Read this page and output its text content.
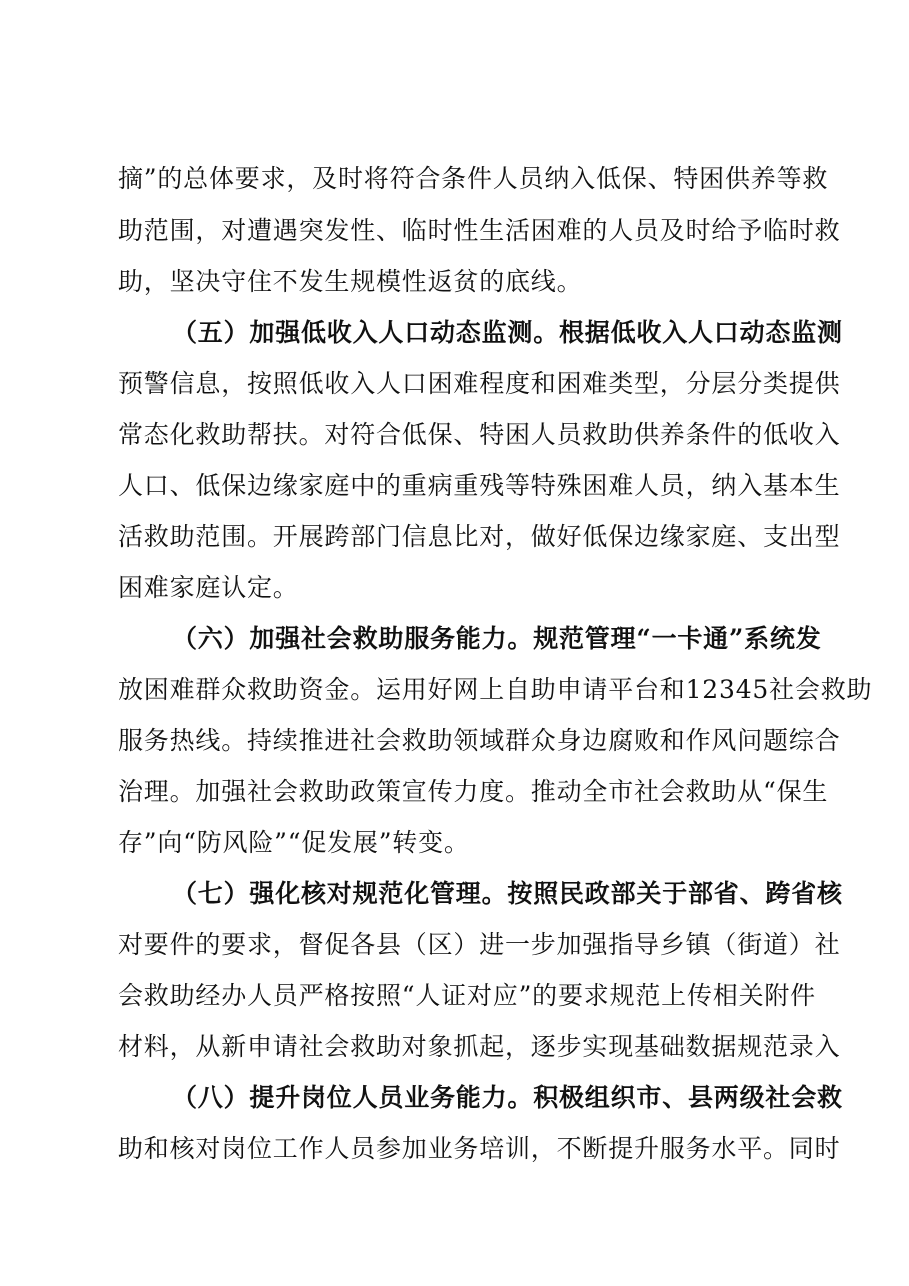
摘”的总体要求，及时将符合条件人员纳入低保、特困供养等救
助范围，对遭遇突发性、临时性生活困难的人员及时给予临时救
助，坚决守住不发生规模性返贫的底线。
（五）加强低收入人口动态监测。根据低收入人口动态监测
预警信息，按照低收入人口困难程度和困难类型，分层分类提供
常态化救助帮扶。对符合低保、特困人员救助供养条件的低收入
人口、低保边缘家庭中的重病重残等特殊困难人员，纳入基本生
活救助范围。开展跨部门信息比对，做好低保边缘家庭、支出型
困难家庭认定。
（六）加强社会救助服务能力。规范管理“一卡通”系统发
放困难群众救助资金。运用好网上自助申请平台和12345社会救助
服务热线。持续推进社会救助领域群众身边腐败和作风问题综合
治理。加强社会救助政策宣传力度。推动全市社会救助从“保生
存”向“防风险”“促发展”转变。
（七）强化核对规范化管理。按照民政部关于部省、跨省核
对要件的要求，督促各县（区）进一步加强指导乡镇（街道）社
会救助经办人员严格按照“人证对应”的要求规范上传相关附件
材料，从新申请社会救助对象抓起，逐步实现基础数据规范录入
（八）提升岗位人员业务能力。积极组织市、县两级社会救
助和核对岗位工作人员参加业务培训，不断提升服务水平。同时
